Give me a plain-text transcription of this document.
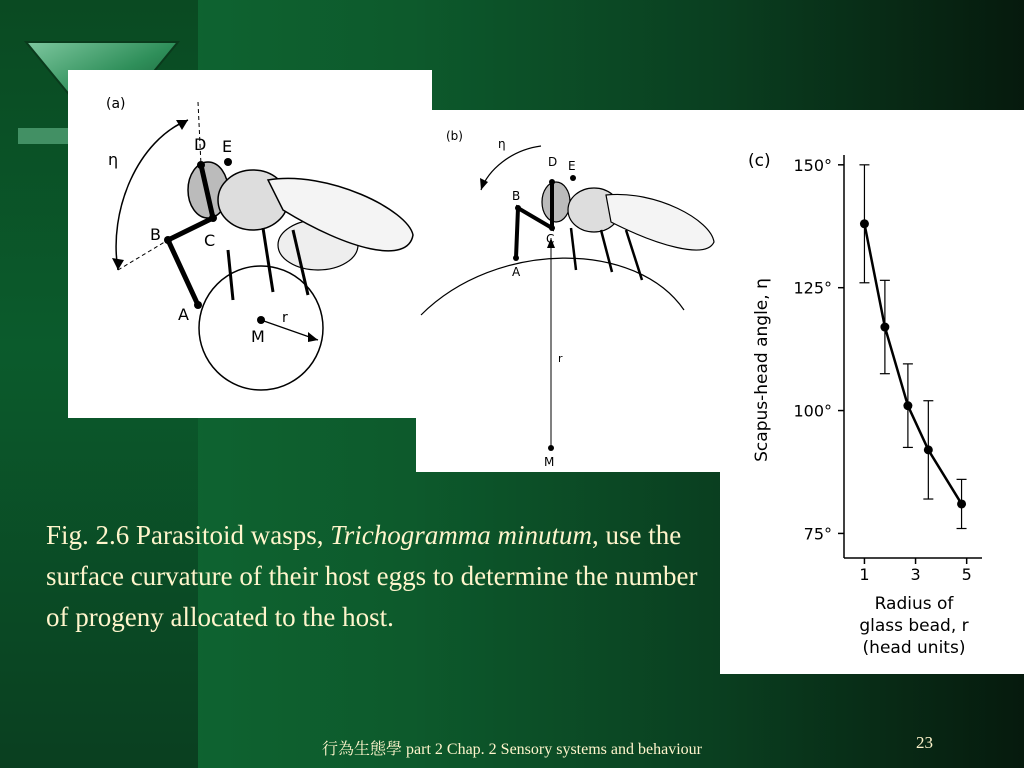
(a)
r
M
η
D E
B	C
A
(b)
M
r
η
D E
B
C
A
(c)
Scapus-head angle, η
150°
125°
100°
75°
1	3	5
Radius of
glass bead, r
(head units)
Fig. 2.6 Parasitoid wasps, Trichogramma minutum, use the surface curvature of their host eggs to determine the number of progeny allocated to the host.
行為生態學 part 2 Chap. 2 Sensory systems and behaviour	23
